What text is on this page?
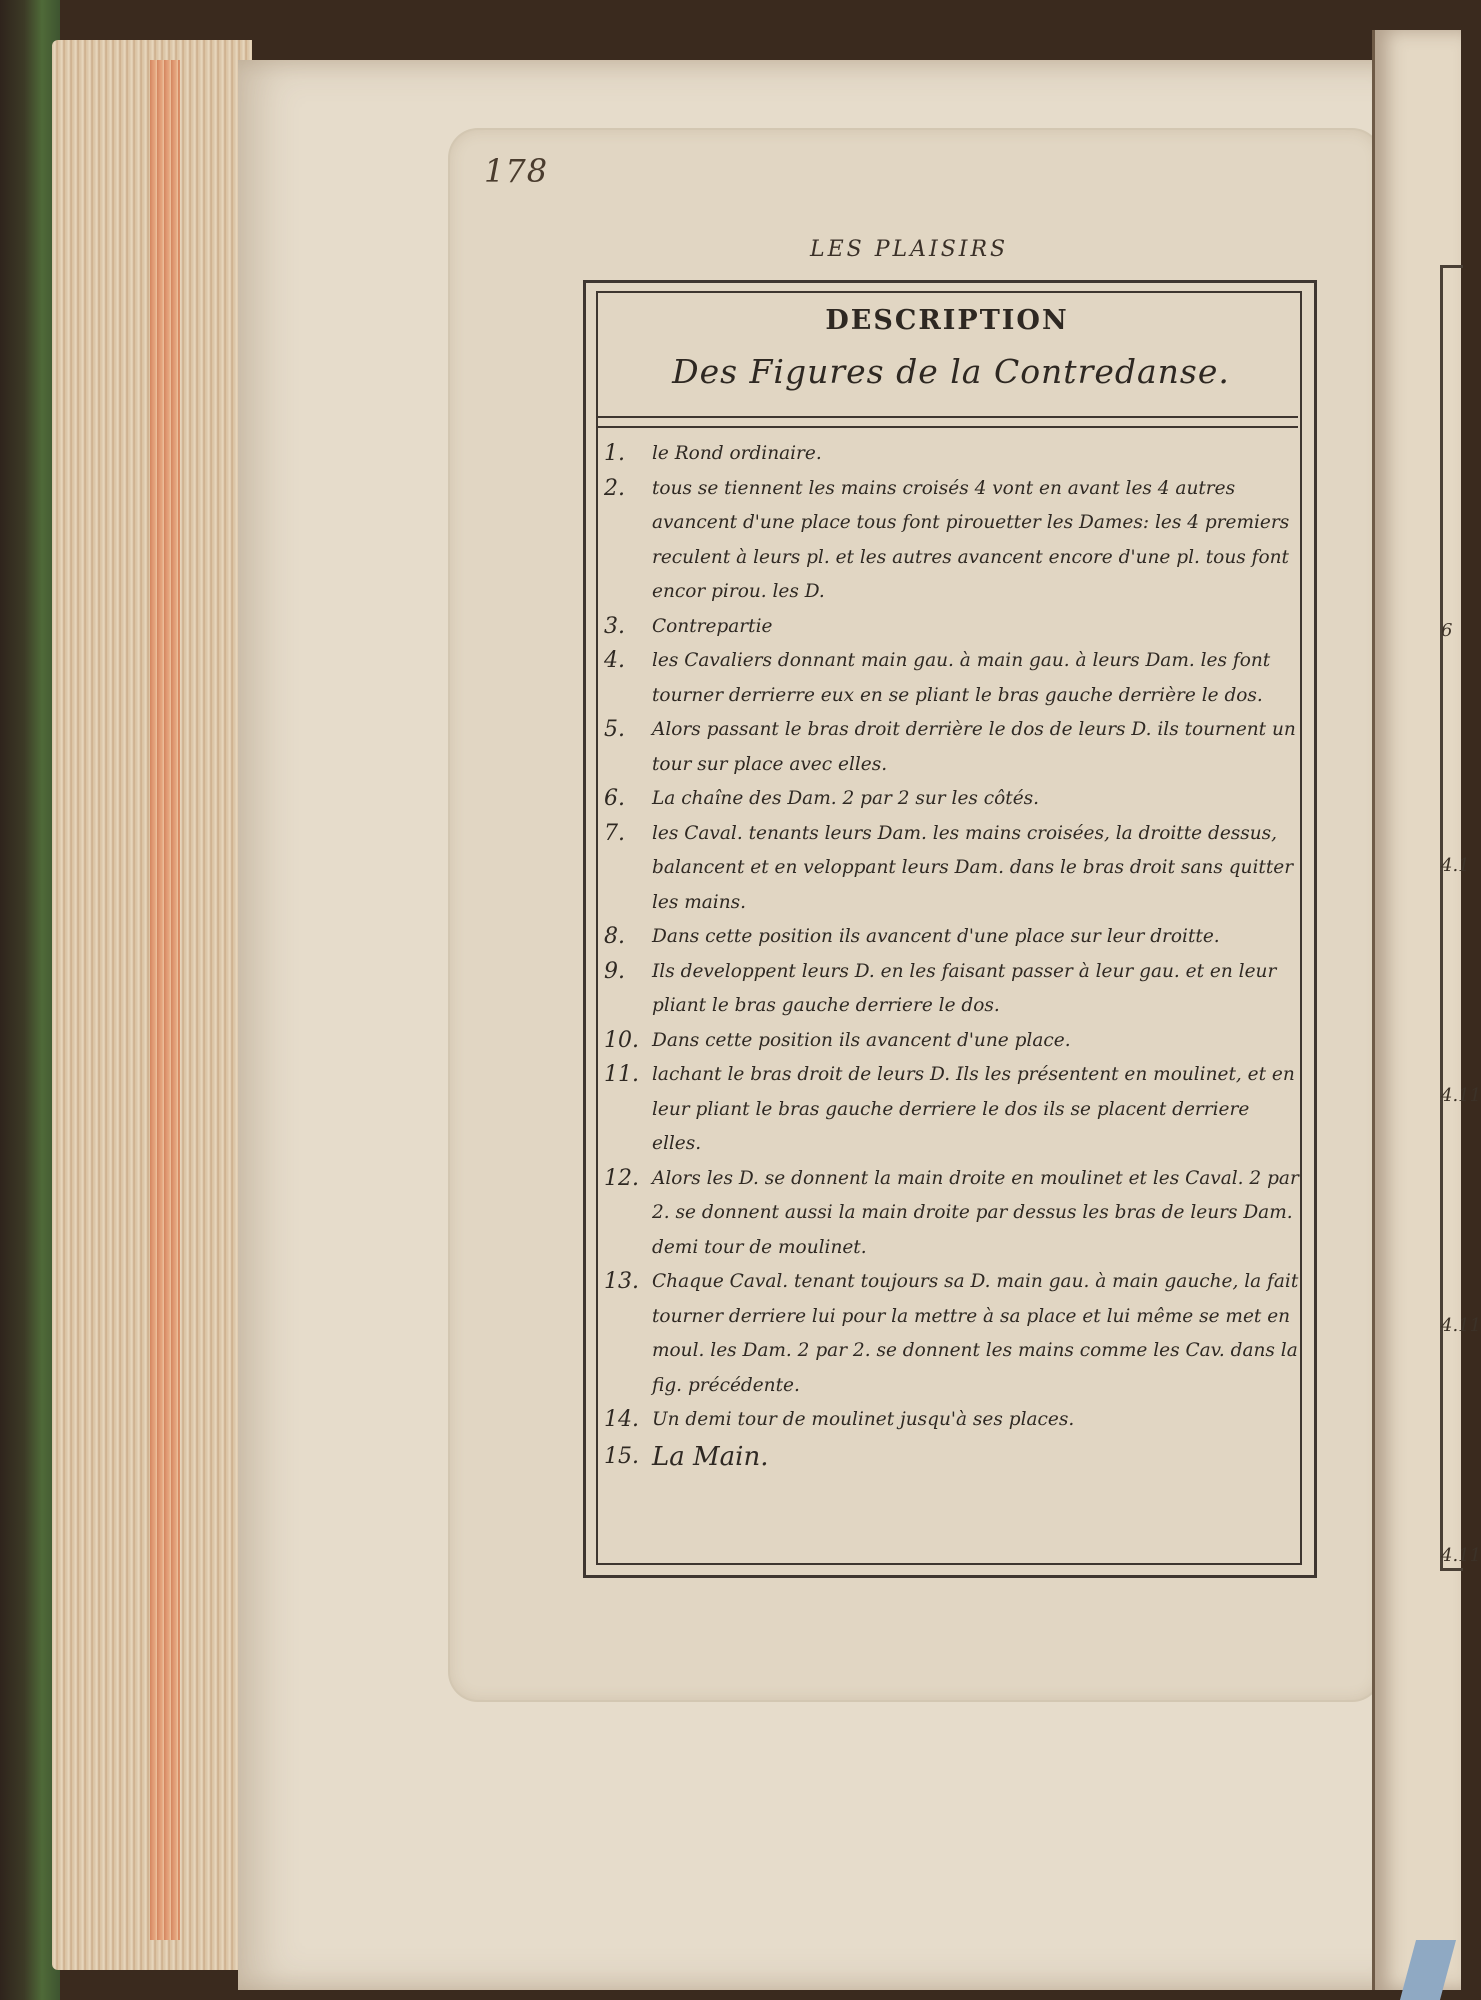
6
4.1
4.11
4.11
4.11
178
LES PLAISIRS
DESCRIPTION
Des Figures de la Contredanse.
1.	le Rond ordinaire.
2.	tous se tiennent les mains croisés 4 vont en avant les 4 autres avancent d'une place tous font pirouetter les Dames: les 4 premiers reculent à leurs pl. et les autres avancent encore d'une pl. tous font encor pirou. les D.
3.	Contrepartie
4.	les Cavaliers donnant main gau. à main gau. à leurs Dam. les font tourner derrierre eux en se pliant le bras gauche derrière le dos.
5.	Alors passant le bras droit derrière le dos de leurs D. ils tournent un tour sur place avec elles.
6.	La chaîne des Dam. 2 par 2 sur les côtés.
7.	les Caval. tenants leurs Dam. les mains croisées, la droitte dessus, balancent et en veloppant leurs Dam. dans le bras droit sans quitter les mains.
8.	Dans cette position ils avancent d'une place sur leur droitte.
9.	Ils developpent leurs D. en les faisant passer à leur gau. et en leur pliant le bras gauche derriere le dos.
10. Dans cette position ils avancent d'une place.
11. lachant le bras droit de leurs D. Ils les présentent en moulinet, et en leur pliant le bras gauche derriere le dos ils se placent derriere elles.
12. Alors les D. se donnent la main droite en moulinet et les Caval. 2 par 2. se donnent aussi la main droite par dessus les bras de leurs Dam. demi tour de moulinet.
13. Chaque Caval. tenant toujours sa D. main gau. à main gauche, la fait tourner derriere lui pour la mettre à sa place et lui même se met en moul. les Dam. 2 par 2. se donnent les mains comme les Cav. dans la fig. précédente.
14. Un demi tour de moulinet jusqu'à ses places.
15. La Main.
